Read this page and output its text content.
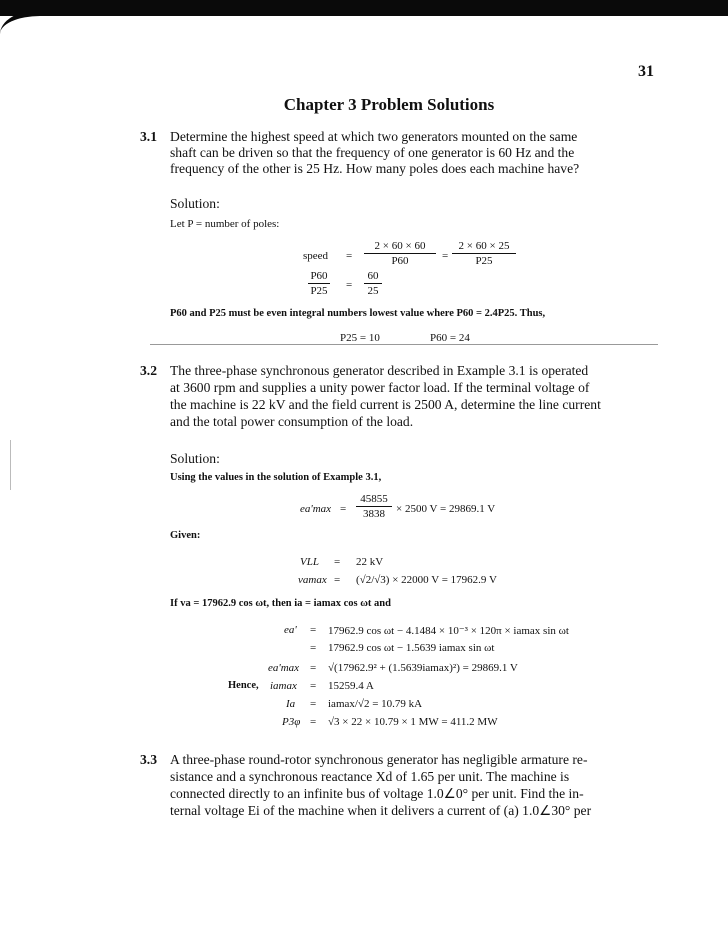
31
Chapter 3 Problem Solutions
3.1 Determine the highest speed at which two generators mounted on the same
shaft can be driven so that the frequency of one generator is 60 Hz and the
frequency of the other is 25 Hz. How many poles does each machine have?
Solution:
Let P = number of poles:
speed =
2 × 60 × 60
P60	=
2 × 60 × 25
P25
P60
P25 =
60
25
P60 and P25 must be even integral numbers lowest value where P60 = 2.4P25. Thus,
P25 = 10	P60 = 24
3.2 The three-phase synchronous generator described in Example 3.1 is operated
at 3600 rpm and supplies a unity power factor load. If the terminal voltage of
the machine is 22 kV and the field current is 2500 A, determine the line current
and the total power consumption of the load.
Solution:
Using the values in the solution of Example 3.1,
ea'max =
45855
3838	× 2500 V = 29869.1 V
Given:
VLL = 22 kV
vamax = (√2/√3) × 22000 V = 17962.9 V
If va = 17962.9 cos ωt, then ia = iamax cos ωt and
ea' = 17962.9 cos ωt − 4.1484 × 10⁻³ × 120π × iamax sin ωt
= 17962.9 cos ωt − 1.5639 iamax sin ωt
ea'max = √(17962.9² + (1.5639iamax)²) = 29869.1 V
Hence, iamax = 15259.4 A
Ia = iamax/√2 = 10.79 kA
P3φ = √3 × 22 × 10.79 × 1 MW = 411.2 MW
3.3 A three-phase round-rotor synchronous generator has negligible armature re-
sistance and a synchronous reactance Xd of 1.65 per unit. The machine is
connected directly to an infinite bus of voltage 1.0∠0° per unit. Find the in-
ternal voltage Ei of the machine when it delivers a current of (a) 1.0∠30° per
